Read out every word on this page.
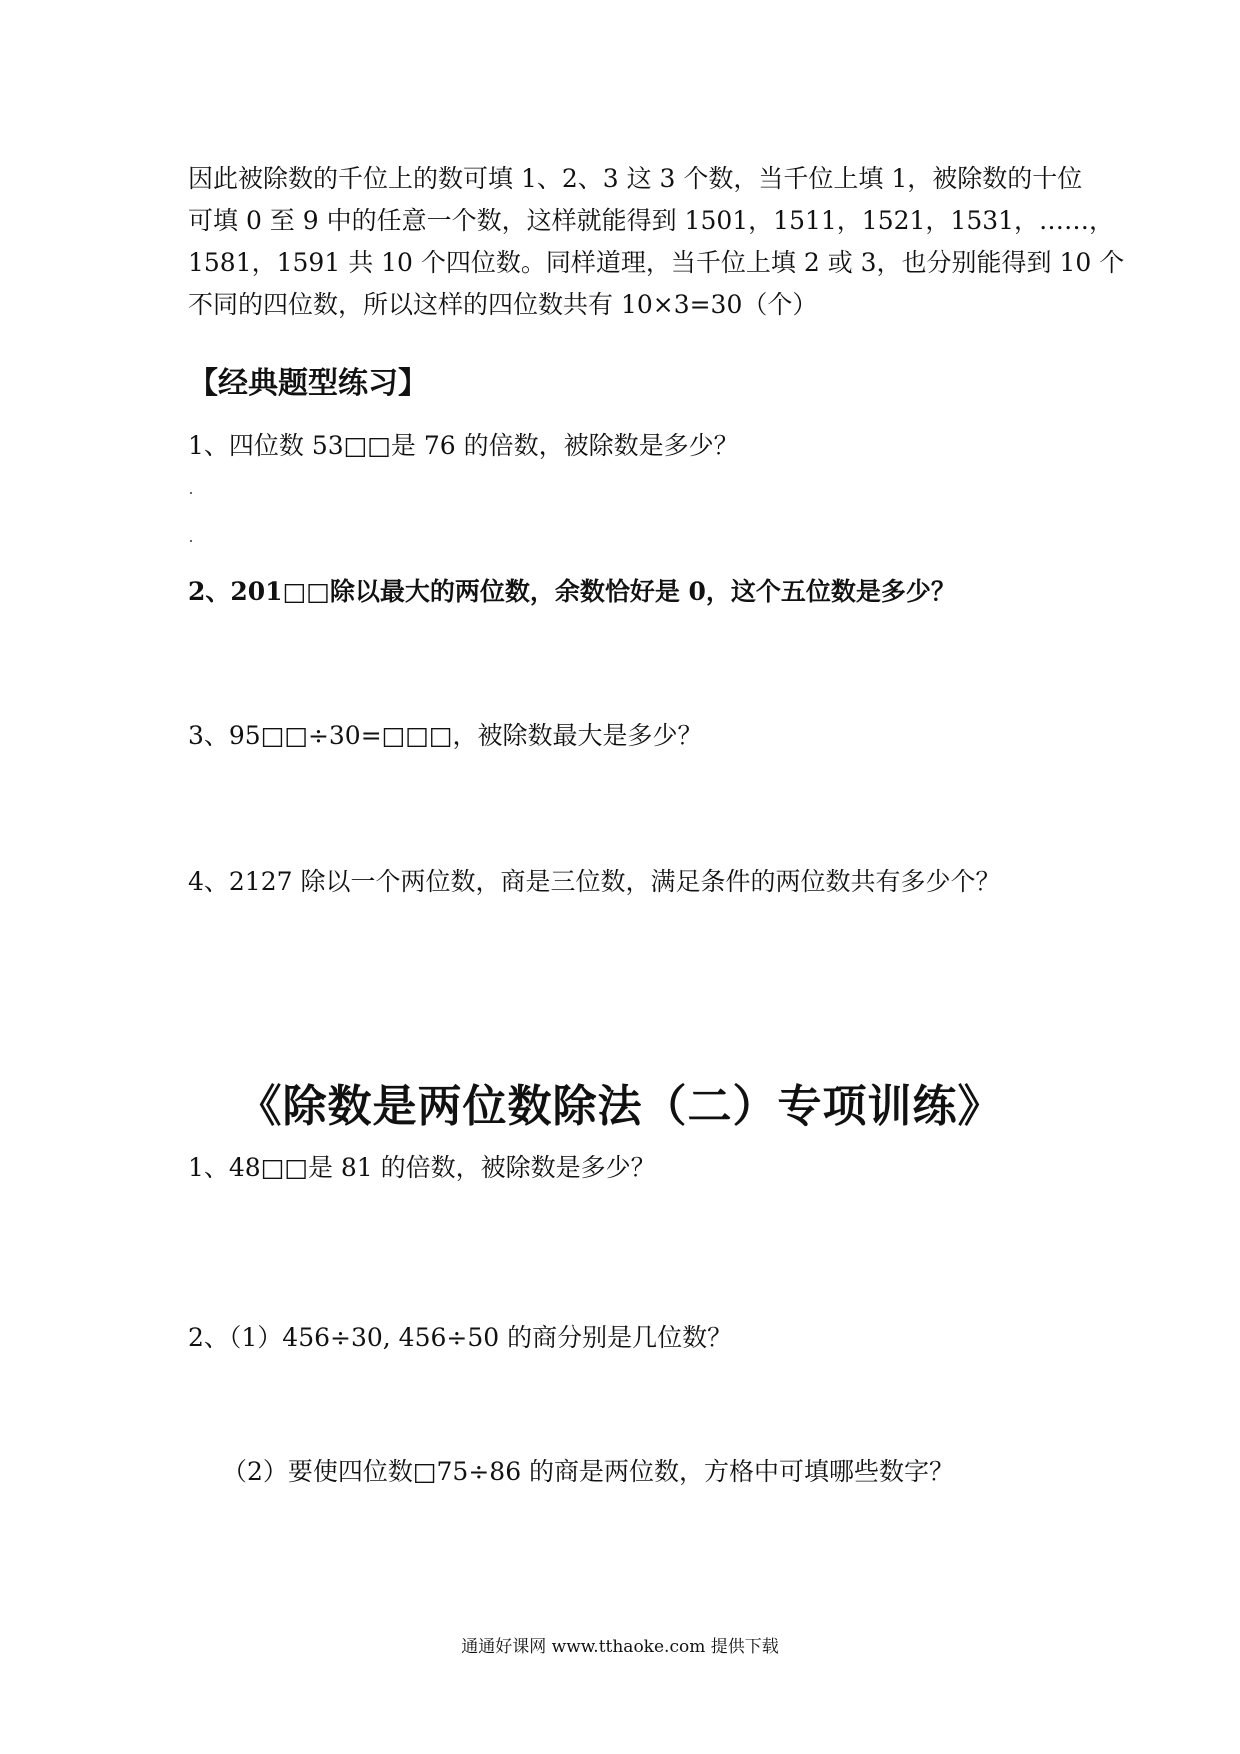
因此被除数的千位上的数可填 1、2、3 这 3 个数，当千位上填 1，被除数的十位

可填 0 至 9 中的任意一个数，这样就能得到 1501，1511，1521，1531，……，

1581，1591 共 10 个四位数。同样道理，当千位上填 2 或 3，也分别能得到 10 个

不同的四位数，所以这样的四位数共有 10×3=30（个）

【经典题型练习】

1、四位数 53□□是 76 的倍数，被除数是多少？

2、201□□除以最大的两位数，余数恰好是 0，这个五位数是多少？

3、95□□÷30=□□□，被除数最大是多少？

4、2127 除以一个两位数，商是三位数，满足条件的两位数共有多少个？

《除数是两位数除法（二）专项训练》

1、48□□是 81 的倍数，被除数是多少？

2、（1）456÷30, 456÷50 的商分别是几位数？

（2）要使四位数□75÷86 的商是两位数，方格中可填哪些数字？

通通好课网 www.tthaoke.com 提供下载
